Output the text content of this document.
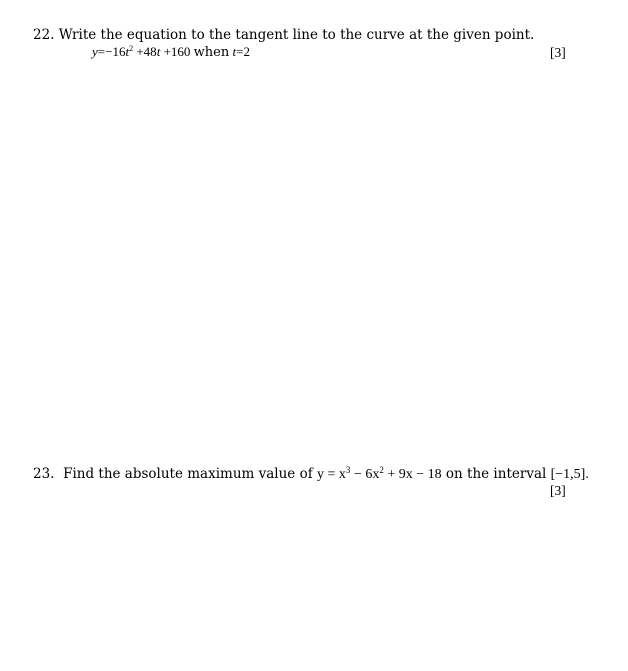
22. Write the equation to the tangent line to the curve at the given point.
$y=-16t^2 +48t +160$ when t=2	[3]
23. Find the absolute maximum value of $y = x^3 - 6x^2 + 9x - 18$ on the interval [−1,5].
[3]
